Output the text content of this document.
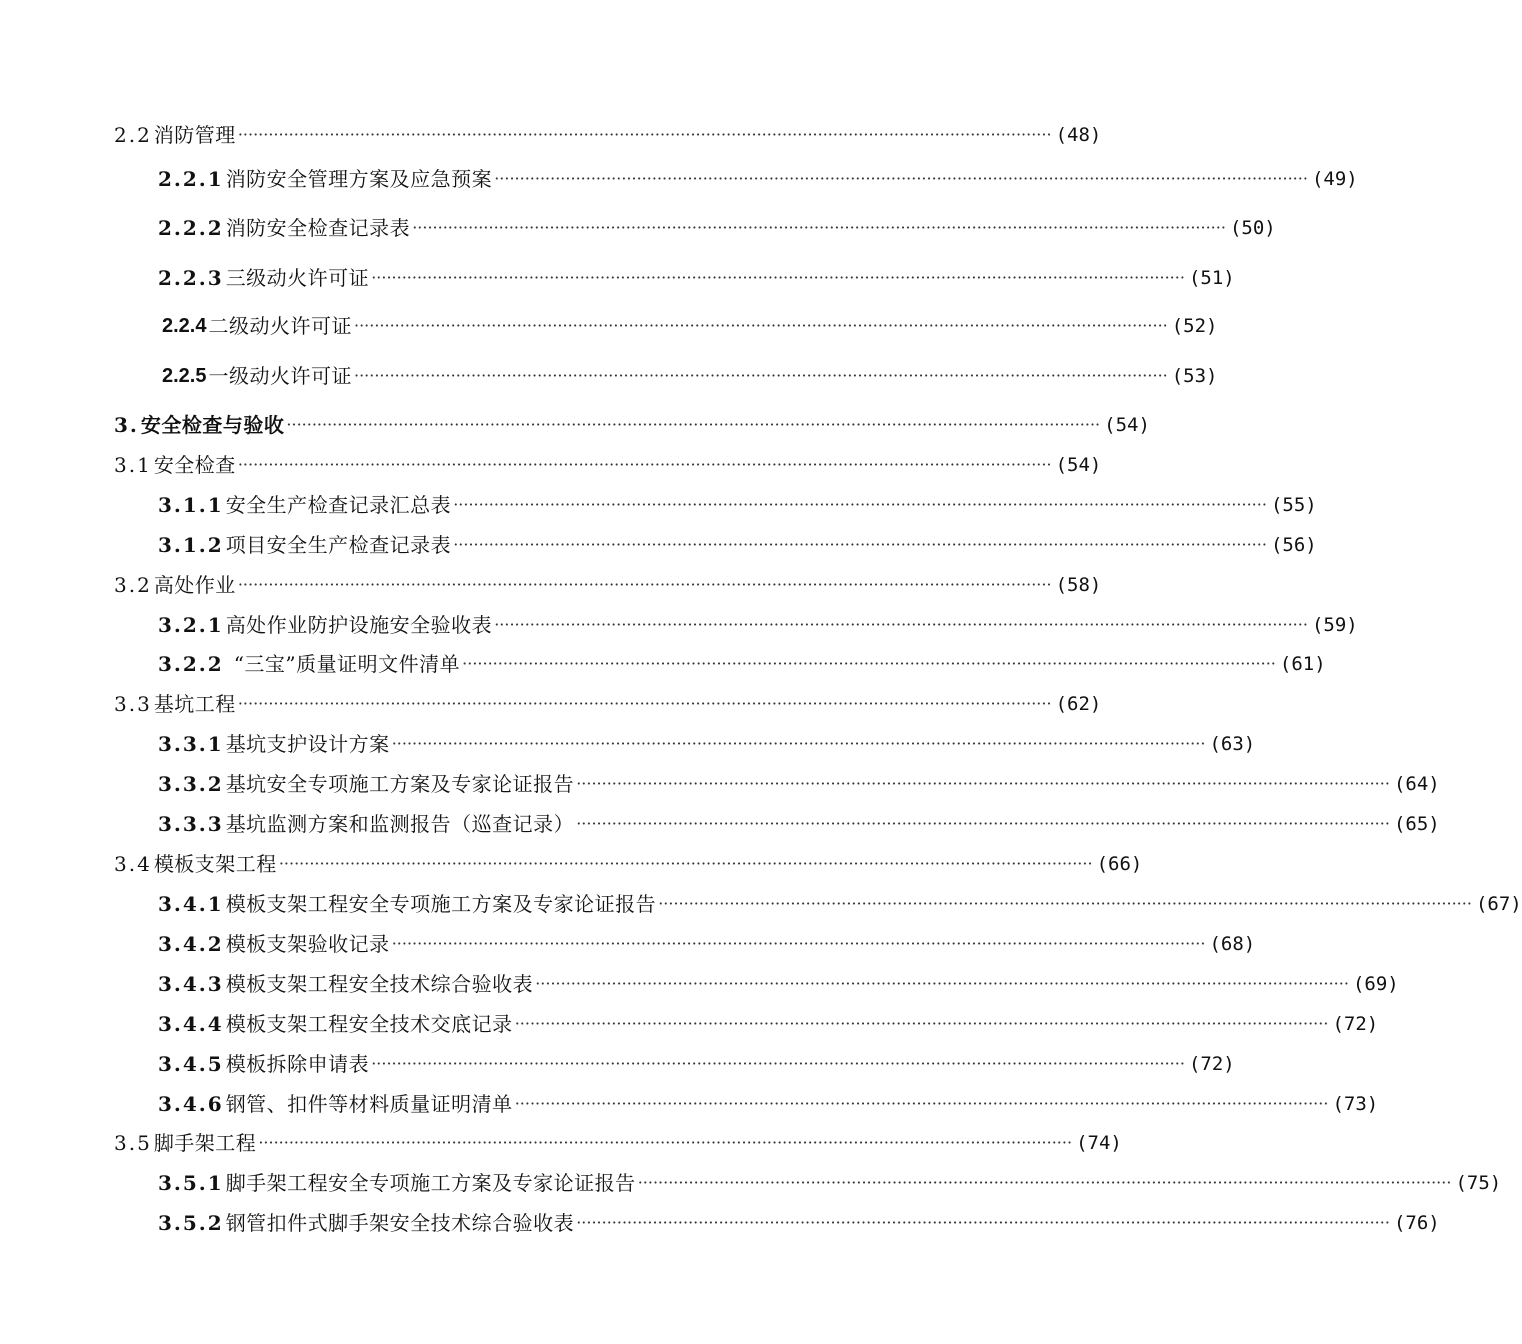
2.2 消防管理 ································································································································································ (48)
2.2.1 消防安全管理方案及应急预案 ································································································································································ (49)
2.2.2 消防安全检查记录表 ································································································································································ (50)
2.2.3 三级动火许可证 ································································································································································ (51)
2.2.4 二级动火许可证 ································································································································································ (52)
2.2.5 一级动火许可证 ································································································································································ (53)
3. 安全检查与验收 ································································································································································ (54)
3.1 安全检查 ································································································································································ (54)
3.1.1 安全生产检查记录汇总表 ································································································································································ (55)
3.1.2 项目安全生产检查记录表 ································································································································································ (56)
3.2 高处作业 ································································································································································ (58)
3.2.1 高处作业防护设施安全验收表 ································································································································································ (59)
3.2.2 “三宝”质量证明文件清单 ································································································································································ (61)
3.3 基坑工程 ································································································································································ (62)
3.3.1 基坑支护设计方案 ································································································································································ (63)
3.3.2 基坑安全专项施工方案及专家论证报告 ································································································································································ (64)
3.3.3 基坑监测方案和监测报告（巡查记录） ································································································································································ (65)
3.4 模板支架工程 ································································································································································ (66)
3.4.1 模板支架工程安全专项施工方案及专家论证报告 ································································································································································ (67)
3.4.2 模板支架验收记录 ································································································································································ (68)
3.4.3 模板支架工程安全技术综合验收表 ································································································································································ (69)
3.4.4 模板支架工程安全技术交底记录 ································································································································································ (72)
3.4.5 模板拆除申请表 ································································································································································ (72)
3.4.6 钢管、扣件等材料质量证明清单 ································································································································································ (73)
3.5 脚手架工程 ································································································································································ (74)
3.5.1 脚手架工程安全专项施工方案及专家论证报告 ································································································································································ (75)
3.5.2 钢管扣件式脚手架安全技术综合验收表 ································································································································································ (76)
